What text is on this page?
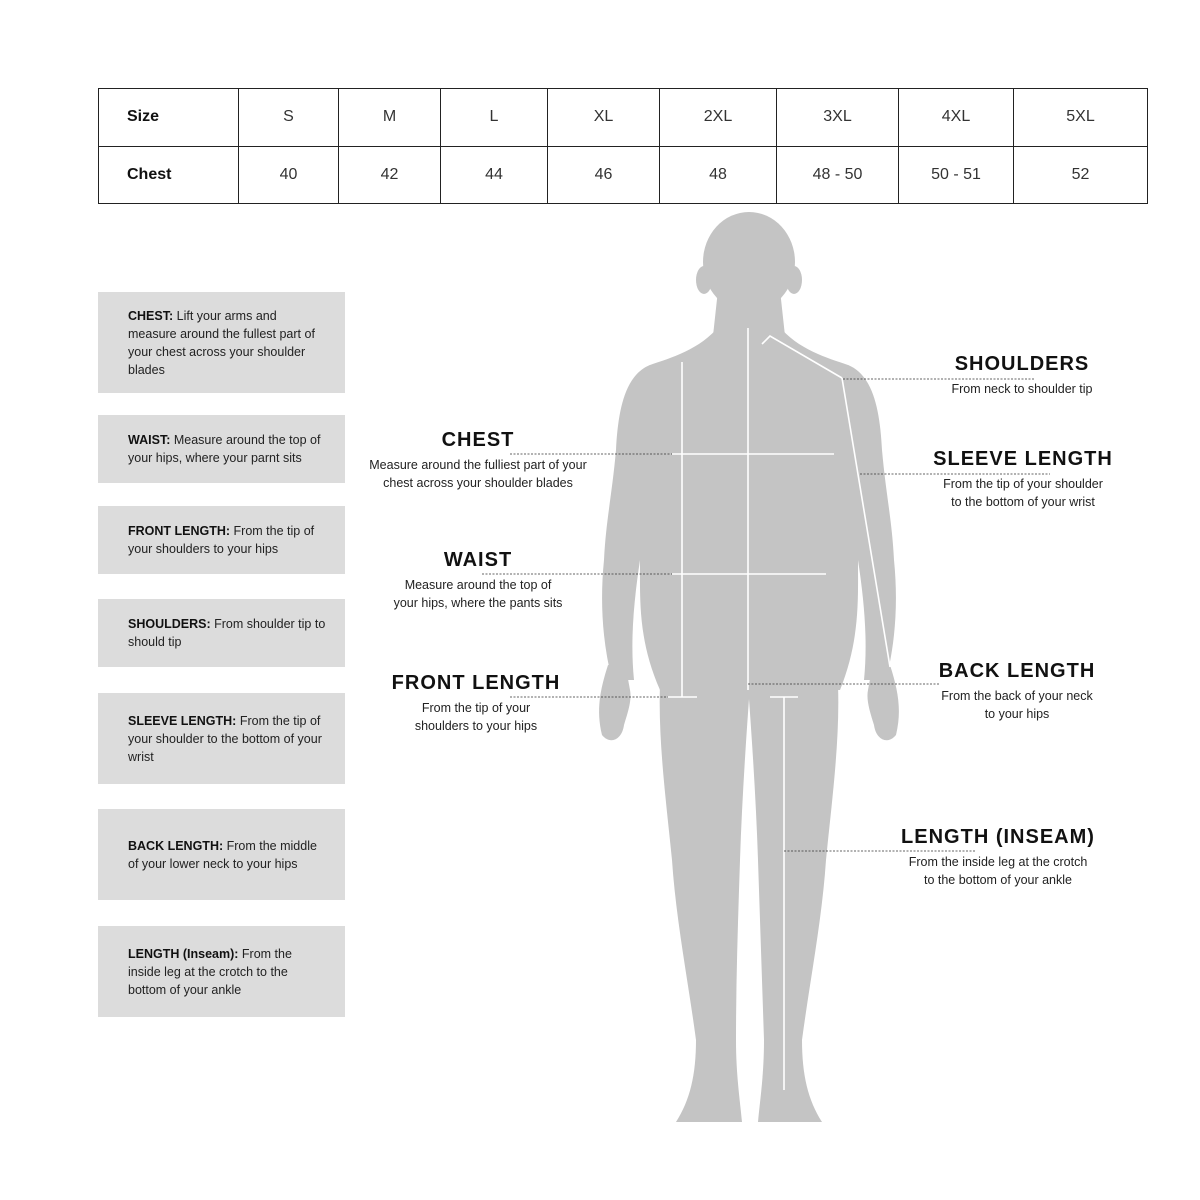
Size	S	M	L	XL	2XL	3XL	4XL	5XL
Chest	40	42	44	46	48	48 - 50	50 - 51	52
CHEST: Lift your arms and measure around the fullest part of your chest across your shoulder blades
WAIST: Measure around the top of your hips, where your parnt sits
FRONT LENGTH: From the tip of your shoulders to your hips
SHOULDERS: From shoulder tip to should tip
SLEEVE LENGTH: From the tip of your shoulder to the bottom of your wrist
BACK LENGTH: From the middle of your lower neck to your hips
LENGTH (Inseam): From the inside leg at the crotch to the bottom of your ankle
CHEST
Measure around the fulliest part of your
chest across your shoulder blades
WAIST
Measure around the top of
your hips, where the pants sits
FRONT LENGTH
From the tip of your
shoulders to your hips
SHOULDERS
From neck to shoulder tip
SLEEVE LENGTH
From the tip of your shoulder
to the bottom of your wrist
BACK LENGTH
From the back of your neck
to your hips
LENGTH (INSEAM)
From the inside leg at the crotch
to the bottom of your ankle
